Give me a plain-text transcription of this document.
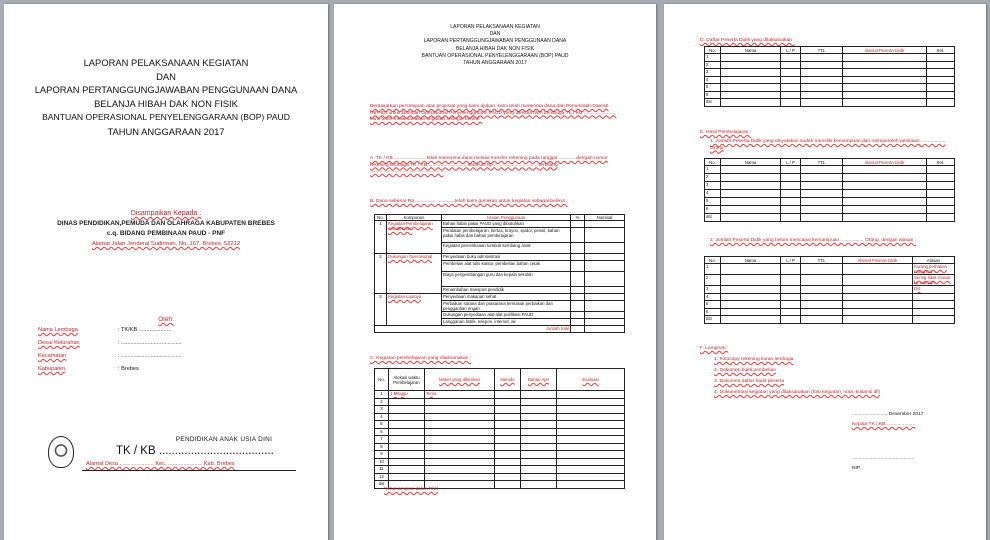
LAPORAN PELAKSANAAN KEGIATAN
DAN
LAPORAN PERTANGGUNGJAWABAN PENGGUNAAN DANA
BELANJA HIBAH DAK NON FISIK
BANTUAN OPERASIONAL PENYELENGGARAAN (BOP) PAUD
TAHUN ANGGARAAN 2017
Disampaikan Kepada :
DINAS PENDIDIKAN,PEMUDA DAN OLAHRAGA KABUPATEN BREBES
c.q. BIDANG PEMBINAAN PAUD - PNF
Alamat Jalan Jenderal Sudirman, No. 167, Brebes, 52212
Oleh:
Nama Lembaga	: TK/KB .....................
Desa/ Kelurahan	: .......................................
Kecamatan	: .......................................
Kabupaten	: Brebes
PENDIDIKAN ANAK USIA DINI
TK / KB ....................................
Alamat Desa ...................... Kec. ...................... Kab. Brebes
LAPORAN PELAKSANAAN KEGIATAN
DAN
LAPORAN PERTANGGUNGJAWABAN PENGGUNAAN DANA
BELANJA HIBAH DAK NON FISIK
BANTUAN OPERASIONAL PENYELENGGARAAN (BOP) PAUD
TAHUN ANGGARAAN 2017
Berdasarkan persetujuan atas proposal yang kami ajukan, kami telah menerima dana dari Pemerintah Daerah (NPHD) untuk Bantuan Operasional Penyelenggaraan PAUD yang dikelola oleh Lembaga TK / KB ...................... , kami telah melaksanakan kegiatan sebagai berikut :
A. TK / KB ....................... telah menerima dana melalui transfer rekening pada tanggal ............ dengan nomor rekening lembaga TK / KB ............................ sebesar Rp ................................ terbilang ......................................................
B. Dana sebesar Rp ............................ telah kami gunakan untuk kegiatan sebagai berikut :
No.	Komponen	Uraian Penggunaan	%	Nominal
1	Kegiatan Pembelajaran dan Bermain	Bahan habis pakai PAUD yang dibutuhkan		
		Peralatan pembelajaran, kertas, krayon, spidol, pensil, bahan pakai habis dan bahan pembelajaran		
		Kegiatan pemeriksaan tumbuh kembang anak		
2	Dukungan Operasional	Penyediaan buku administrasi		
		Pembelian alat tulis kantor, pembelian bahan cetak		
		Biaya pengembangan guru dan kepala sekolah		
		Penambahan transport pendidik		
3	Kegiatan Lainnya	Penyediaan makanan sehat		
		Perbaikan sarana dan prasarana termasuk perbaikan dan penggantian ringan		
		Dukungan penyediaan alat-alat publikasi PAUD		
		Langganan listrik, telepon, internet, air		
Jumlah total				
C. Kegiatan pembelajaran yang dilaksanakan :
No.	Alokasi waktu Pembelajaran	Materi yang diberikan	Metode	Bahan Ajar	Evaluasi
1	1 Minggu	Tema			
2					
3					
4					
5					
6					
7					
8					
9					
10					
11					
12					
dst					
*) lihat lampiran dalam RKH
D. Daftar Peserta Didik yang dilaksanakan :
No.	Nama	L / P	TTL	Alamat Peserta Didik	Ket.
1					
2					
3					
4					
5					
6					
dst					
E. Hasil Pembelajaran :
1. Jumlah Peserta Didik yang dinyatakan sudah memiliki kemampuan dan memperoleh penilaian .................. Orang
No.	Nama	L / P	TTL	Alamat Peserta Didik	Ket.
1					
2					
3					
4					
5					
6					
dst					
2. Jumlah Peserta Didik yang belum mencapai kemampuan ................. Orang, dengan alasan :
No.	Nama	L / P	TTL	Alamat Peserta Didik	Alasan
1					Kurang perhatian orang tua
2					Sering tidak masuk ke sekolah
3					Dst
4					
5					
6					
dst					
F. Lampiran :
1. Fotocopy rekening koran lembaga
2. Dokumen bukti pembelian
3. Dokumen daftar hadir peserta
4. Dokumentasi kegiatan yang dilaksanakan (foto kegiatan, nota, kuitansi dll)
........................., Desember 2017
Kepala TK / KB .....................
..............................................
NIP.
